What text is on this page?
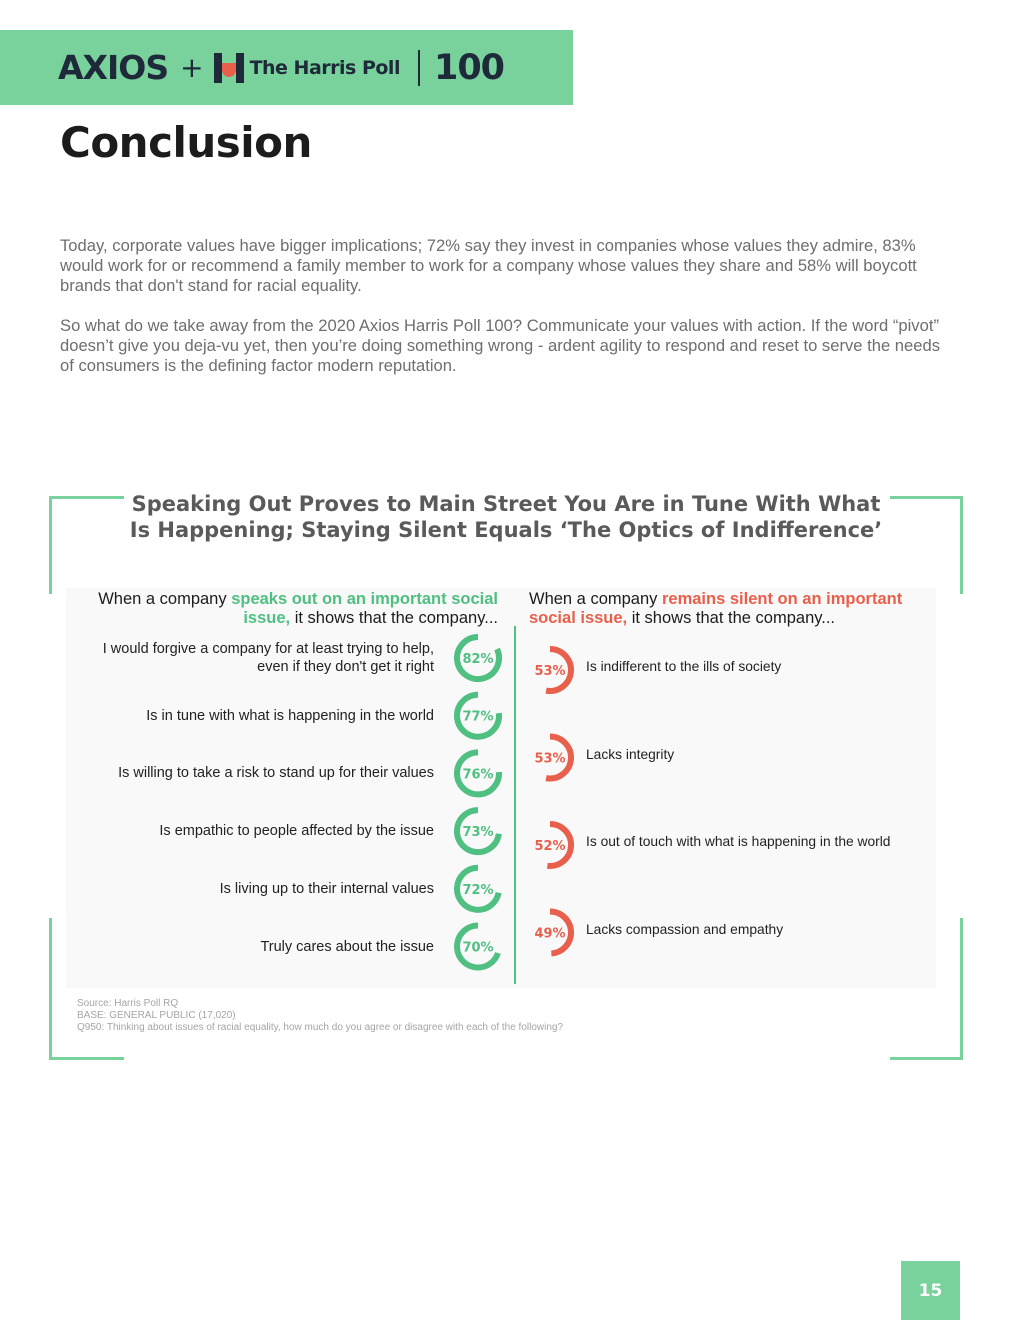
AXIOS + The Harris Poll 100
Conclusion

Today, corporate values have bigger implications; 72% say they invest in companies whose values they admire, 83% would work for or recommend a family member to work for a company whose values they share and 58% will boycott brands that don't stand for racial equality.

So what do we take away from the 2020 Axios Harris Poll 100? Communicate your values with action. If the word “pivot” doesn’t give you deja-vu yet, then you’re doing something wrong - ardent agility to respond and reset to serve the needs of consumers is the defining factor modern reputation.

Speaking Out Proves to Main Street You Are in Tune With What
Is Happening; Staying Silent Equals ‘The Optics of Indifference’

When a company speaks out on an important social issue, it shows that the company...

When a company remains silent on an important social issue, it shows that the company...

I would forgive a company for at least trying to help, even if they don't get it right

Is in tune with what is happening in the world

Is willing to take a risk to stand up for their values

Is empathic to people affected by the issue

Is living up to their internal values

Truly cares about the issue

Is indifferent to the ills of society

Lacks integrity

Is out of touch with what is happening in the world

Lacks compassion and empathy

82%
77%
76%
73%
72%
70%
53%
53%
52%
49%

Source: Harris Poll RQ
BASE: GENERAL PUBLIC (17,020)
Q950: Thinking about issues of racial equality, how much do you agree or disagree with each of the following?

15
